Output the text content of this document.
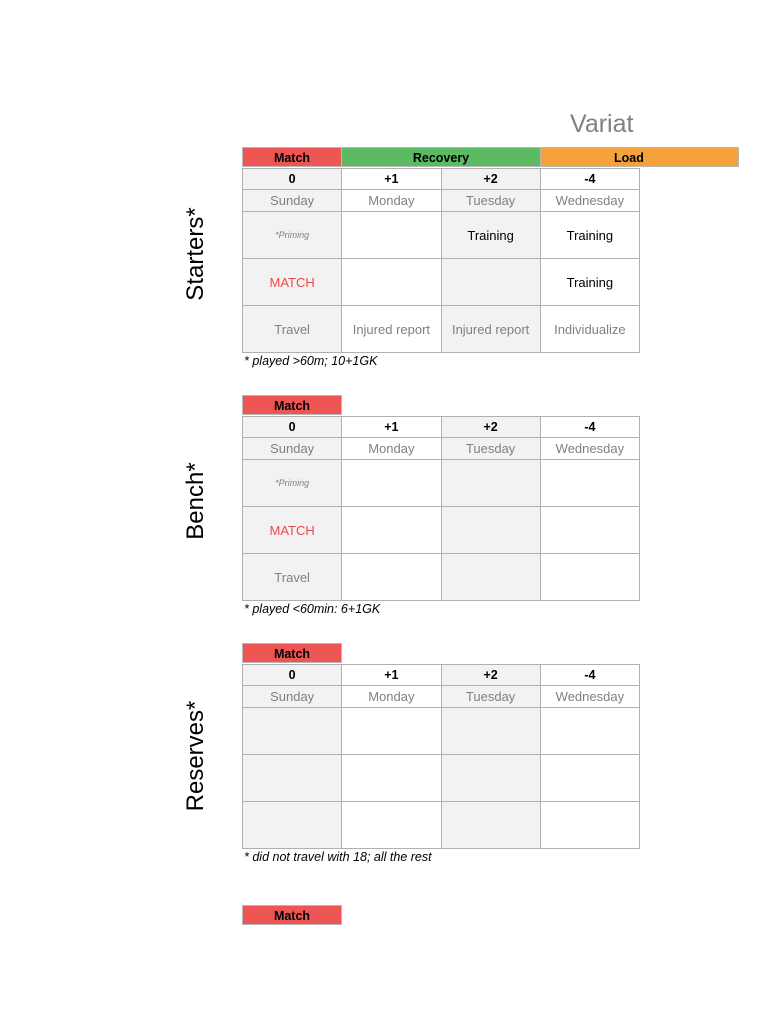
Variat
Starters*
Match	Recovery	Load
0	+1	+2	-4
Sunday	Monday	Tuesday	Wednesday
*Priming		Training	Training
MATCH			Training
Travel	Injured report	Injured report	Individualize
* played >60m; 10+1GK
Bench*
Match
0	+1	+2	-4
Sunday	Monday	Tuesday	Wednesday
*Priming			
MATCH			
Travel			
* played <60min: 6+1GK
Reserves*
Match
0	+1	+2	-4
Sunday	Monday	Tuesday	Wednesday

* did not travel with 18; all the rest
Match
